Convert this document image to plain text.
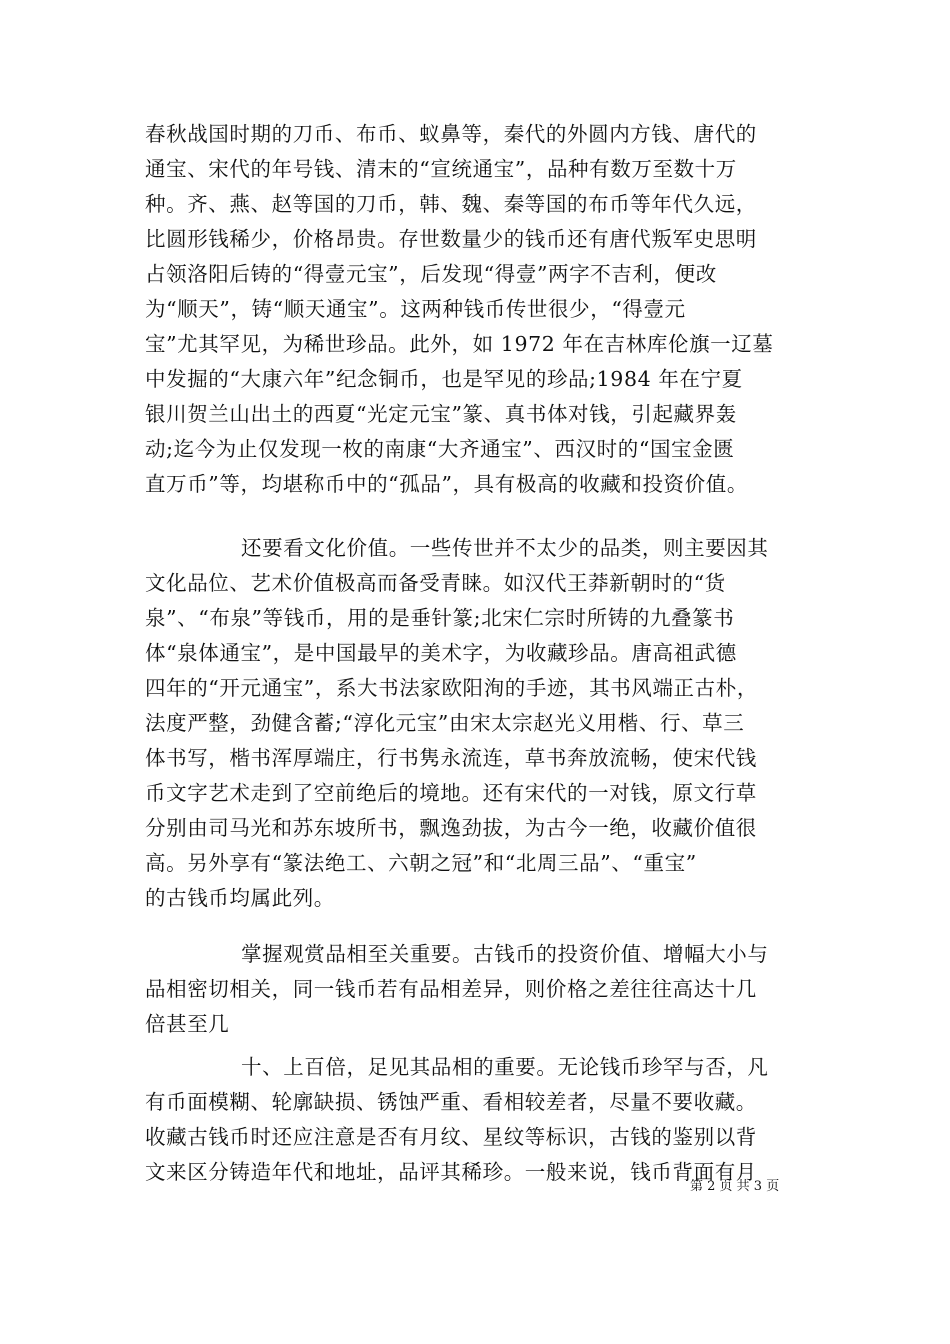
春秋战国时期的刀币、布币、蚁鼻等，秦代的外圆内方钱、唐代的
通宝、宋代的年号钱、清末的“宣统通宝”，品种有数万至数十万
种。齐、燕、赵等国的刀币，韩、魏、秦等国的布币等年代久远，
比圆形钱稀少，价格昂贵。存世数量少的钱币还有唐代叛军史思明
占领洛阳后铸的“得壹元宝”，后发现“得壹”两字不吉利，便改
为“顺天”，铸“顺天通宝”。这两种钱币传世很少，“得壹元
宝”尤其罕见，为稀世珍品。此外，如 1972 年在吉林库伦旗一辽墓
中发掘的“大康六年”纪念铜币，也是罕见的珍品;1984 年在宁夏
银川贺兰山出土的西夏“光定元宝”篆、真书体对钱，引起藏界轰
动;迄今为止仅发现一枚的南康“大齐通宝”、西汉时的“国宝金匮
直万币”等，均堪称币中的“孤品”，具有极高的收藏和投资价值。
还要看文化价值。一些传世并不太少的品类，则主要因其
文化品位、艺术价值极高而备受青睐。如汉代王莽新朝时的“货
泉”、“布泉”等钱币，用的是垂针篆;北宋仁宗时所铸的九叠篆书
体“泉体通宝”，是中国最早的美术字，为收藏珍品。唐高祖武德
四年的“开元通宝”，系大书法家欧阳洵的手迹，其书风端正古朴，
法度严整，劲健含蓄;“淳化元宝”由宋太宗赵光义用楷、行、草三
体书写，楷书浑厚端庄，行书隽永流连，草书奔放流畅，使宋代钱
币文字艺术走到了空前绝后的境地。还有宋代的一对钱，原文行草
分别由司马光和苏东坡所书，飘逸劲拔，为古今一绝，收藏价值很
高。另外享有“篆法绝工、六朝之冠”和“北周三品”、“重宝”
的古钱币均属此列。
掌握观赏品相至关重要。古钱币的投资价值、增幅大小与
品相密切相关，同一钱币若有品相差异，则价格之差往往高达十几
倍甚至几
十、上百倍，足见其品相的重要。无论钱币珍罕与否，凡
有币面模糊、轮廓缺损、锈蚀严重、看相较差者，尽量不要收藏。
收藏古钱币时还应注意是否有月纹、星纹等标识，古钱的鉴别以背
文来区分铸造年代和地址，品评其稀珍。一般来说，钱币背面有月
第 2 页 共 3 页
